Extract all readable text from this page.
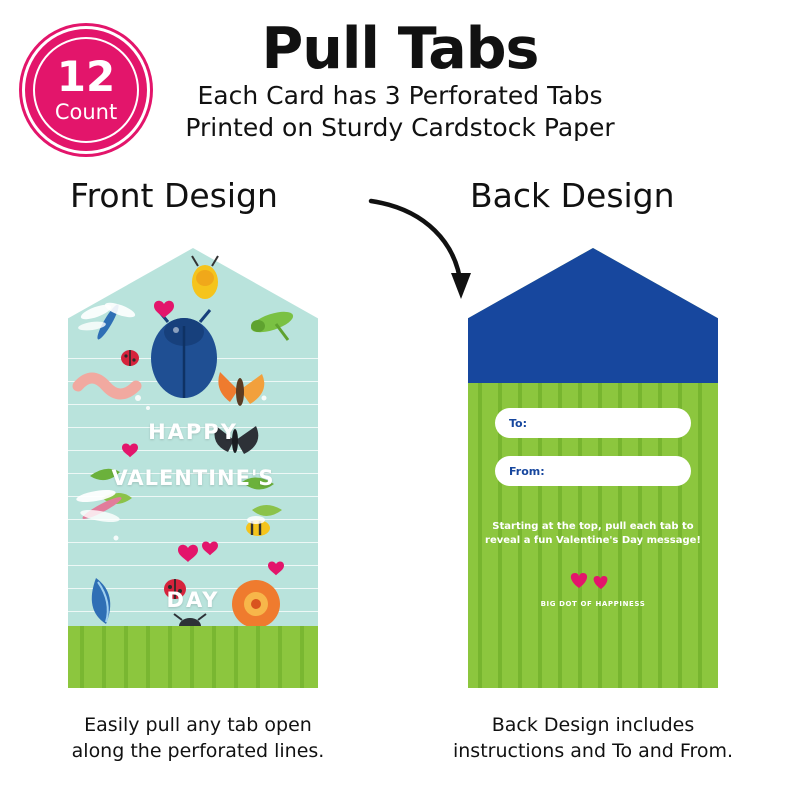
12
Count
Pull Tabs
Each Card has 3 Perforated Tabs
Printed on Sturdy Cardstock Paper
Front Design	Back Design
HAPPY
VALENTINE'S
DAY
To:
From:
Starting at the top, pull each tab to
reveal a fun Valentine's Day message!
BIG DOT OF HAPPINESS
Easily pull any tab open
along the perforated lines.
Back Design includes
instructions and To and From.
